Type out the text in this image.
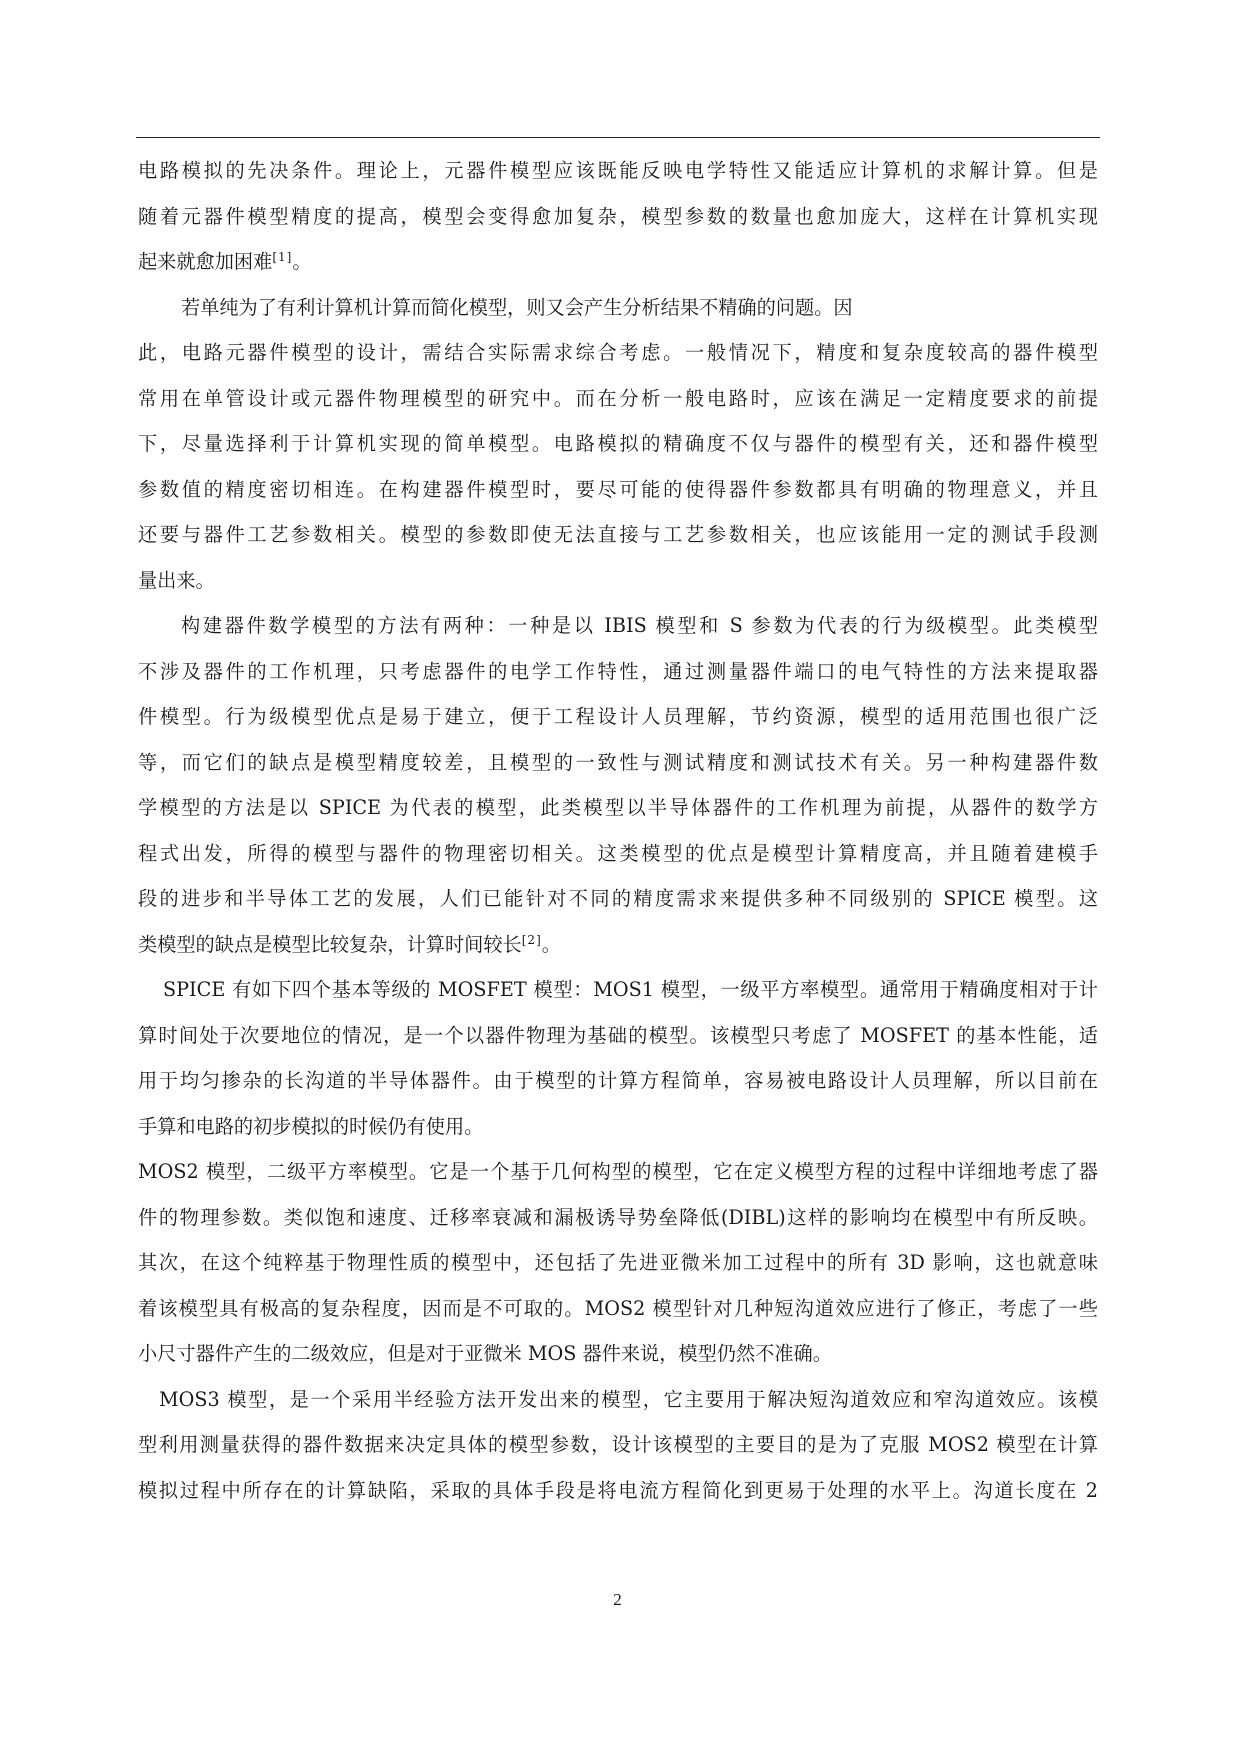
电路模拟的先决条件。理论上，元器件模型应该既能反映电学特性又能适应计算机的求解计算。但是
随着元器件模型精度的提高，模型会变得愈加复杂，模型参数的数量也愈加庞大，这样在计算机实现
起来就愈加困难[1]。
若单纯为了有利计算机计算而简化模型，则又会产生分析结果不精确的问题。因
此，电路元器件模型的设计，需结合实际需求综合考虑。一般情况下，精度和复杂度较高的器件模型
常用在单管设计或元器件物理模型的研究中。而在分析一般电路时，应该在满足一定精度要求的前提
下，尽量选择利于计算机实现的简单模型。电路模拟的精确度不仅与器件的模型有关，还和器件模型
参数值的精度密切相连。在构建器件模型时，要尽可能的使得器件参数都具有明确的物理意义，并且
还要与器件工艺参数相关。模型的参数即使无法直接与工艺参数相关，也应该能用一定的测试手段测
量出来。
构建器件数学模型的方法有两种：一种是以 IBIS 模型和 S 参数为代表的行为级模型。此类模型
不涉及器件的工作机理，只考虑器件的电学工作特性，通过测量器件端口的电气特性的方法来提取器
件模型。行为级模型优点是易于建立，便于工程设计人员理解，节约资源，模型的适用范围也很广泛
等，而它们的缺点是模型精度较差，且模型的一致性与测试精度和测试技术有关。另一种构建器件数
学模型的方法是以 SPICE 为代表的模型，此类模型以半导体器件的工作机理为前提，从器件的数学方
程式出发，所得的模型与器件的物理密切相关。这类模型的优点是模型计算精度高，并且随着建模手
段的进步和半导体工艺的发展，人们已能针对不同的精度需求来提供多种不同级别的 SPICE 模型。这
类模型的缺点是模型比较复杂，计算时间较长[2]。
SPICE 有如下四个基本等级的 MOSFET 模型：MOS1 模型，一级平方率模型。通常用于精确度相对于计
算时间处于次要地位的情况，是一个以器件物理为基础的模型。该模型只考虑了 MOSFET 的基本性能，适
用于均匀掺杂的长沟道的半导体器件。由于模型的计算方程简单，容易被电路设计人员理解，所以目前在
手算和电路的初步模拟的时候仍有使用。
MOS2 模型，二级平方率模型。它是一个基于几何构型的模型，它在定义模型方程的过程中详细地考虑了器
件的物理参数。类似饱和速度、迁移率衰减和漏极诱导势垒降低(DIBL)这样的影响均在模型中有所反映。
其次，在这个纯粹基于物理性质的模型中，还包括了先进亚微米加工过程中的所有 3D 影响，这也就意味
着该模型具有极高的复杂程度，因而是不可取的。MOS2 模型针对几种短沟道效应进行了修正，考虑了一些
小尺寸器件产生的二级效应，但是对于亚微米 MOS 器件来说，模型仍然不准确。
MOS3 模型，是一个采用半经验方法开发出来的模型，它主要用于解决短沟道效应和窄沟道效应。该模
型利用测量获得的器件数据来决定具体的模型参数，设计该模型的主要目的是为了克服 MOS2 模型在计算
模拟过程中所存在的计算缺陷，采取的具体手段是将电流方程简化到更易于处理的水平上。沟道长度在 2
2
